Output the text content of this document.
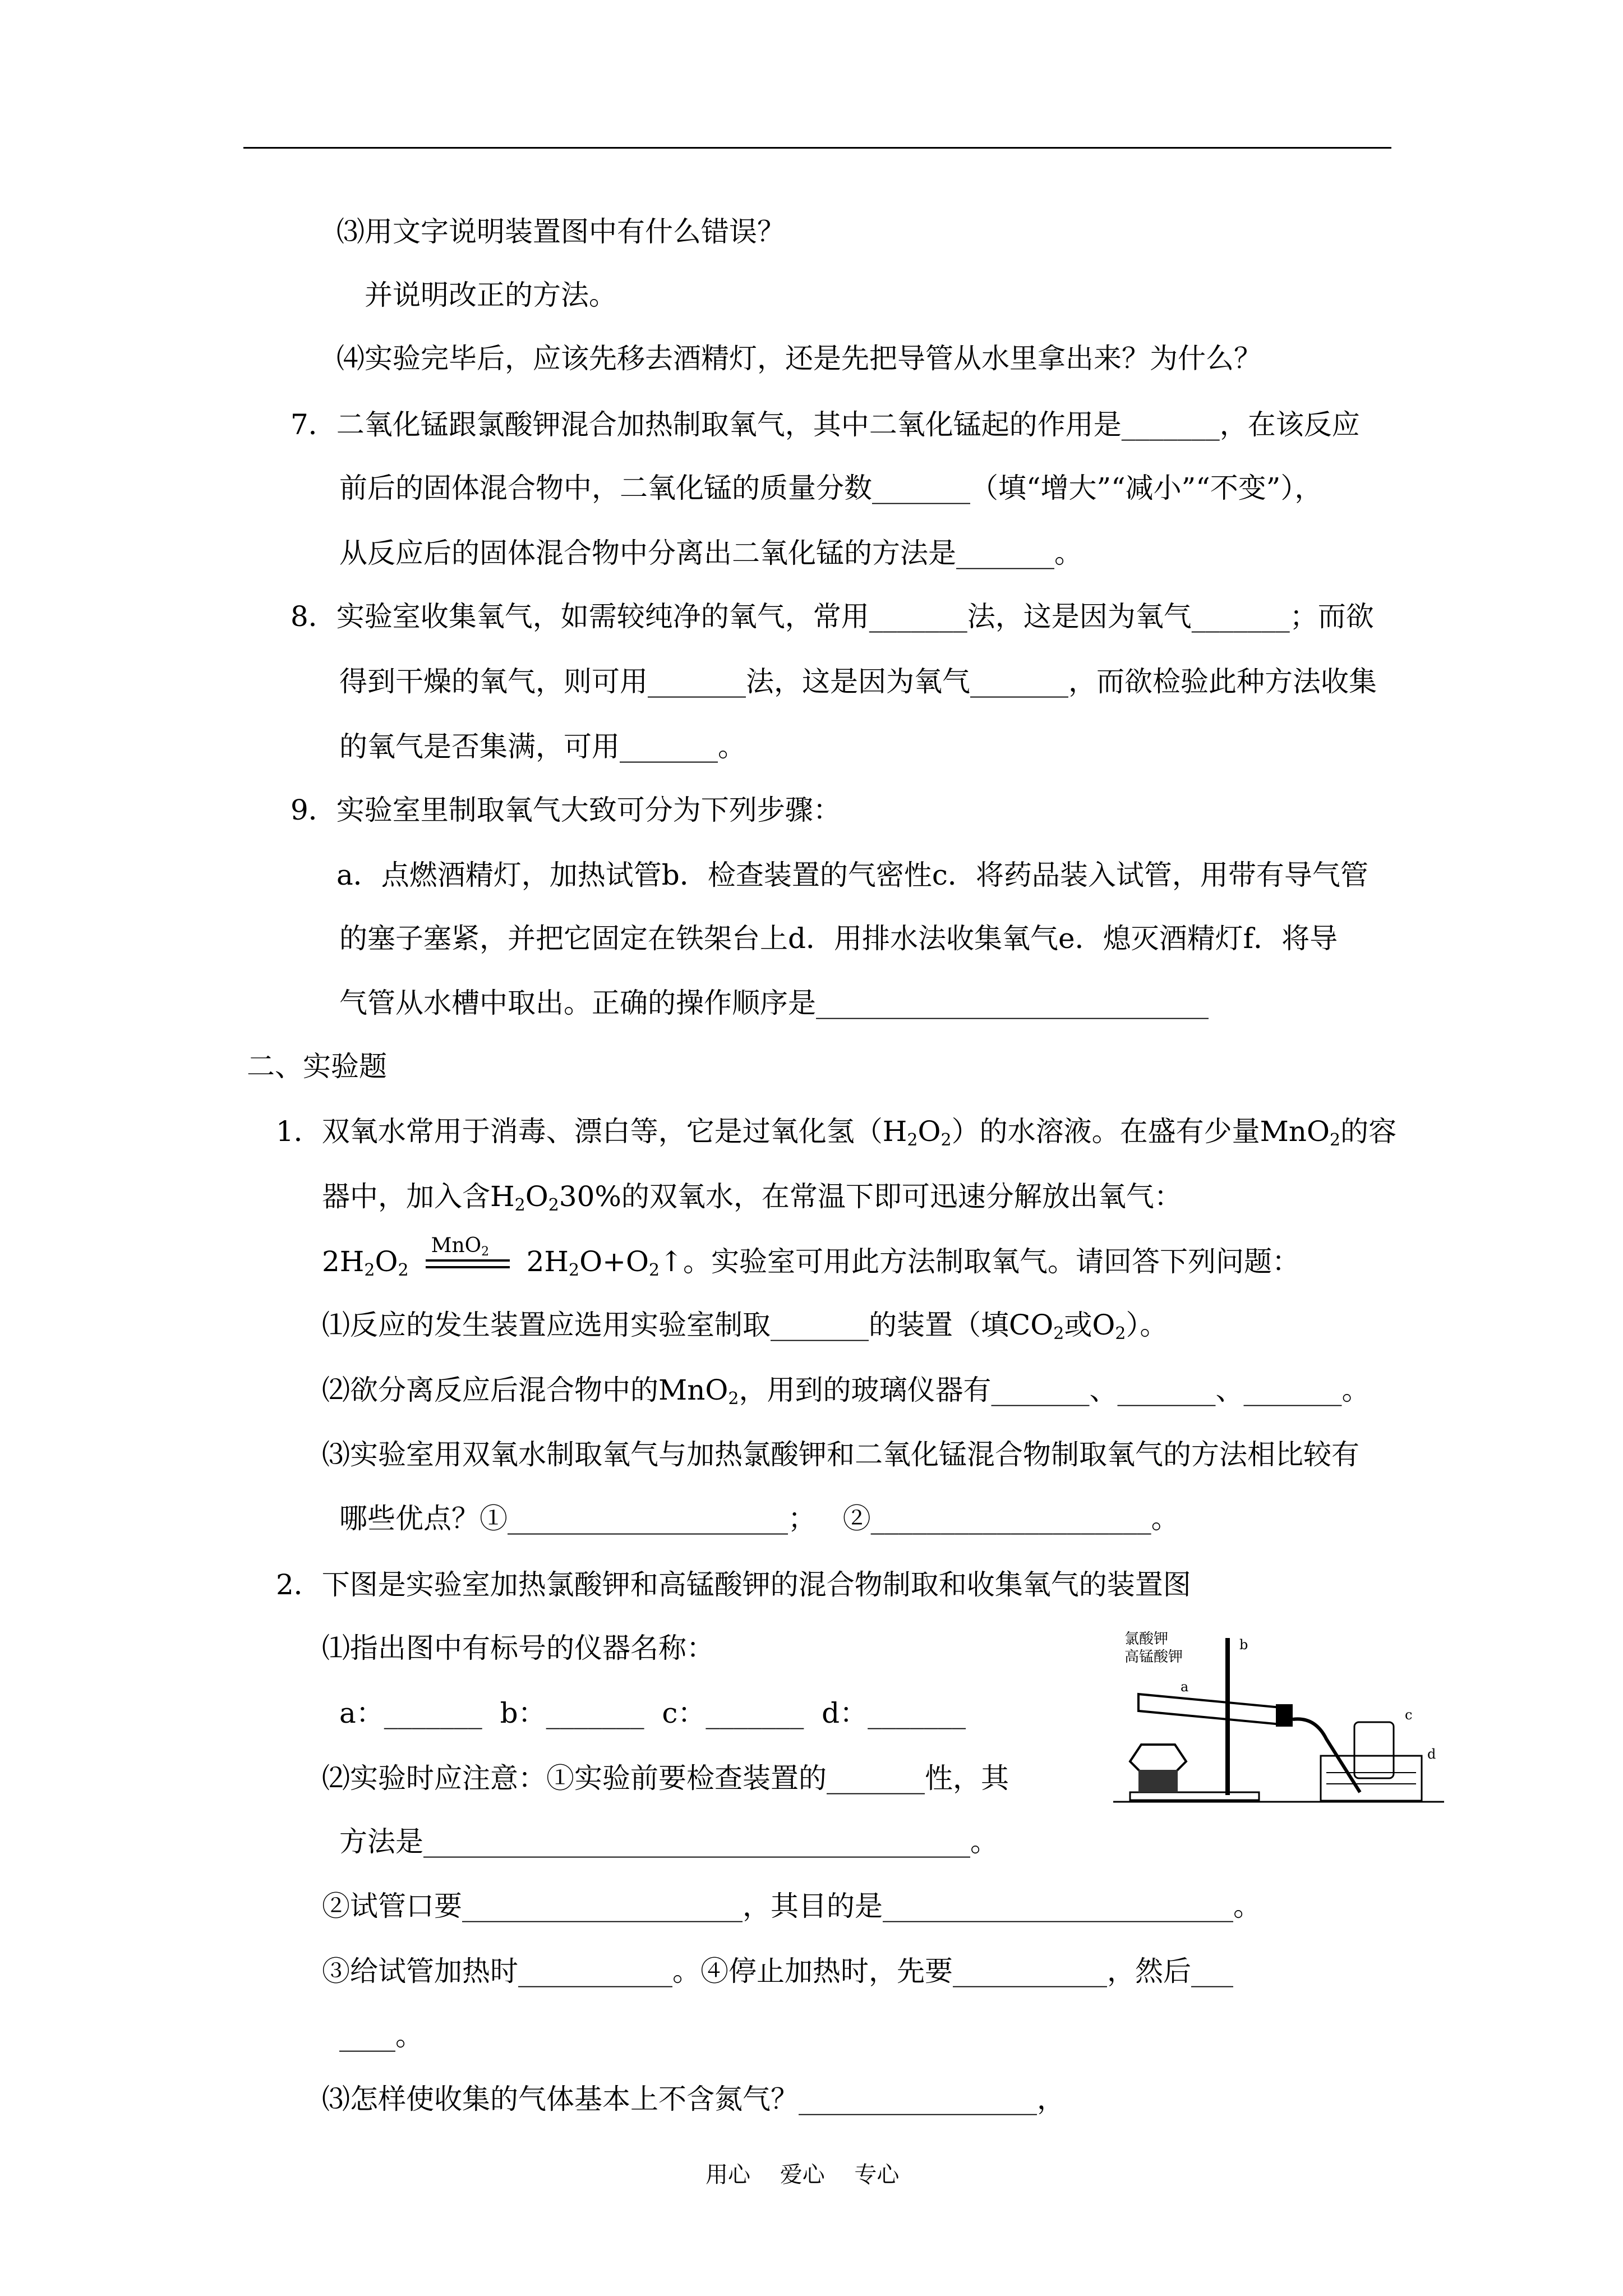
⑶用文字说明装置图中有什么错误？
并说明改正的方法。
⑷实验完毕后，应该先移去酒精灯，还是先把导管从水里拿出来？为什么？
7．二氧化锰跟氯酸钾混合加热制取氧气，其中二氧化锰起的作用是_______，在该反应
前后的固体混合物中，二氧化锰的质量分数_______（填“增大”“减小”“不变”），
从反应后的固体混合物中分离出二氧化锰的方法是_______。
8．实验室收集氧气，如需较纯净的氧气，常用_______法，这是因为氧气_______；而欲
得到干燥的氧气，则可用_______法，这是因为氧气_______，而欲检验此种方法收集
的氧气是否集满，可用_______。
9．实验室里制取氧气大致可分为下列步骤：
a．点燃酒精灯，加热试管b．检查装置的气密性c．将药品装入试管，用带有导气管
的塞子塞紧，并把它固定在铁架台上d．用排水法收集氧气e．熄灭酒精灯f．将导
气管从水槽中取出。正确的操作顺序是____________________________
二、实验题
1．双氧水常用于消毒、漂白等，它是过氧化氢$(H_2O_2)$的水溶液。在盛有少量MnO$_2$的容
器中，加入含$H_2O_230\%$的双氧水，在常温下即可迅速分解放出氧气：
$2H_2O_2$
MnO$_2$ $2H_2O+O_2↑$。实验室可用此方法制取氧气。请回答下列问题：
⑴反应的发生装置应选用实验室制取_______的装置（填$CO_2$或$O_2$）。
⑵欲分离反应后混合物中的MnO$_2$，用到的玻璃仪器有_______、_______、_______。
⑶实验室用双氧水制取氧气与加热氯酸钾和二氧化锰混合物制取氧气的方法相比较有
哪些优点？①____________________；   ②____________________。
2．下图是实验室加热氯酸钾和高锰酸钾的混合物制取和收集氧气的装置图
⑴指出图中有标号的仪器名称：
a：_______  b：_______  c：_______  d：_______
⑵实验时应注意：①实验前要检查装置的_______性，其
方法是_______________________________________。
②试管口要____________________，其目的是_________________________。
③给试管加热时___________。④停止加热时，先要___________，然后___
____。
⑶怎样使收集的气体基本上不含氮气？_________________，
氯酸钾
高锰酸钾
a
b
c
d
用心　 爱心　 专心
